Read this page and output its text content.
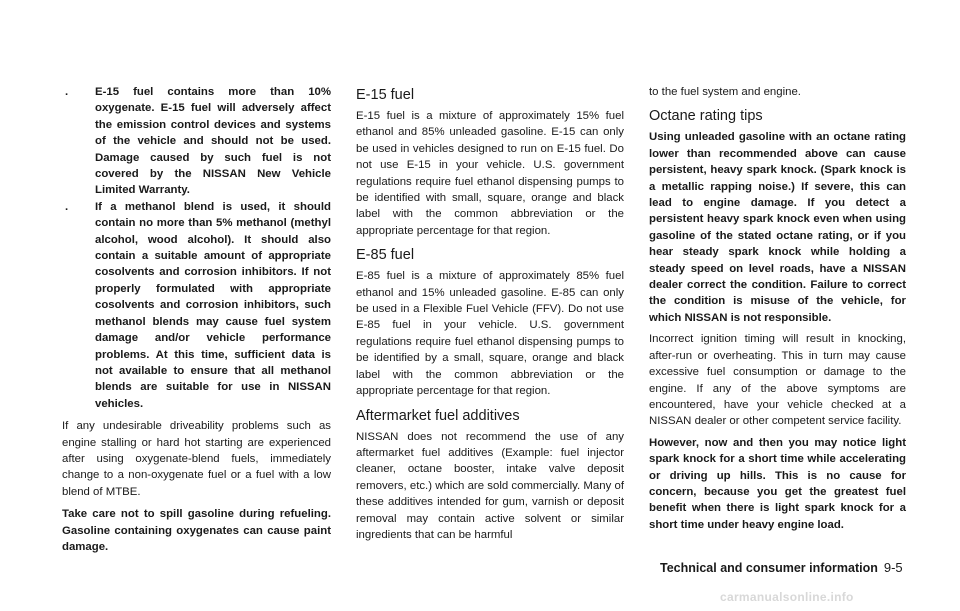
. E-15 fuel contains more than 10% oxygenate. E-15 fuel will adversely affect the emission control devices and systems of the vehicle and should not be used. Damage caused by such fuel is not covered by the NISSAN New Vehicle Limited Warranty.

. If a methanol blend is used, it should contain no more than 5% methanol (methyl alcohol, wood alcohol). It should also contain a suitable amount of appropriate cosolvents and corrosion inhibitors. If not properly formulated with appropriate cosolvents and corrosion inhibitors, such methanol blends may cause fuel system damage and/or vehicle performance problems. At this time, sufficient data is not available to ensure that all methanol blends are suitable for use in NISSAN vehicles.

If any undesirable driveability problems such as engine stalling or hard hot starting are experienced after using oxygenate-blend fuels, immediately change to a non-oxygenate fuel or a fuel with a low blend of MTBE.

Take care not to spill gasoline during refueling. Gasoline containing oxygenates can cause paint damage.

E-15 fuel

E-15 fuel is a mixture of approximately 15% fuel ethanol and 85% unleaded gasoline. E-15 can only be used in vehicles designed to run on E-15 fuel. Do not use E-15 in your vehicle. U.S. government regulations require fuel ethanol dispensing pumps to be identified with small, square, orange and black label with the common abbreviation or the appropriate percentage for that region.

E-85 fuel

E-85 fuel is a mixture of approximately 85% fuel ethanol and 15% unleaded gasoline. E-85 can only be used in a Flexible Fuel Vehicle (FFV). Do not use E-85 fuel in your vehicle. U.S. government regulations require fuel ethanol dispensing pumps to be identified by a small, square, orange and black label with the common abbreviation or the appropriate percentage for that region.

Aftermarket fuel additives

NISSAN does not recommend the use of any aftermarket fuel additives (Example: fuel injector cleaner, octane booster, intake valve deposit removers, etc.) which are sold commercially. Many of these additives intended for gum, varnish or deposit removal may contain active solvent or similar ingredients that can be harmful

to the fuel system and engine.

Octane rating tips

Using unleaded gasoline with an octane rating lower than recommended above can cause persistent, heavy spark knock. (Spark knock is a metallic rapping noise.) If severe, this can lead to engine damage. If you detect a persistent heavy spark knock even when using gasoline of the stated octane rating, or if you hear steady spark knock while holding a steady speed on level roads, have a NISSAN dealer correct the condition. Failure to correct the condition is misuse of the vehicle, for which NISSAN is not responsible.

Incorrect ignition timing will result in knocking, after-run or overheating. This in turn may cause excessive fuel consumption or damage to the engine. If any of the above symptoms are encountered, have your vehicle checked at a NISSAN dealer or other competent service facility.

However, now and then you may notice light spark knock for a short time while accelerating or driving up hills. This is no cause for concern, because you get the greatest fuel benefit when there is light spark knock for a short time under heavy engine load.

Technical and consumer information 9-5
carmanualsonline.info
